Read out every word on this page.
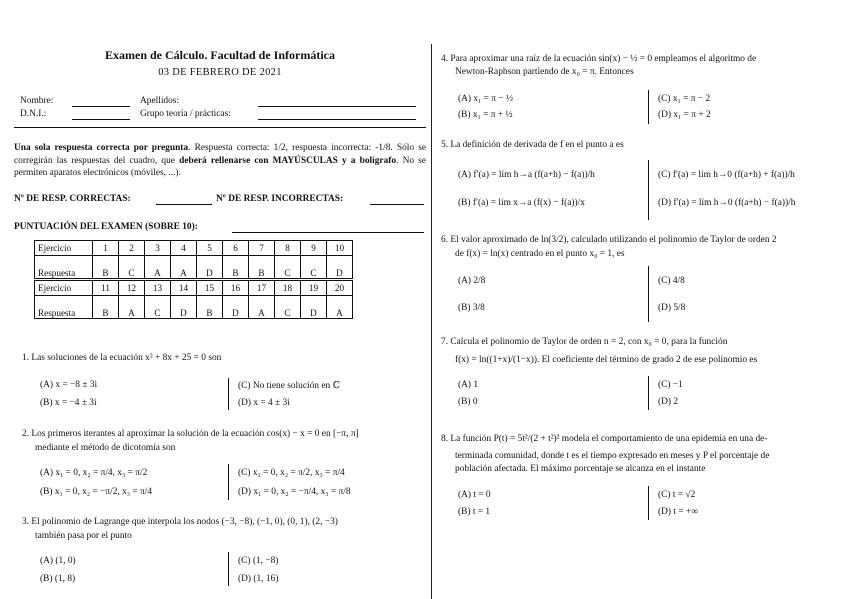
Examen de Cálculo. Facultad de Informática
03 DE FEBRERO DE 2021
Nombre:	Apellidos:
D.N.I.:	Grupo teoría / prácticas:
Una sola respuesta correcta por pregunta. Respuesta correcta: 1/2, respuesta incorrecta: -1/8. Sólo se corregirán las respuestas del cuadro, que deberá rellenarse con MAYÚSCULAS y a bolígrafo. No se permiten aparatos electrónicos (móviles, ...).
Nº DE RESP. CORRECTAS:	Nº DE RESP. INCORRECTAS:
PUNTUACIÓN DEL EXAMEN (SOBRE 10):
Ejercicio	1	2	3	4	5	6	7	8	9	10
Respuesta	B	C	A	A	D	B	B	C	C	D
Ejercicio	11	12	13	14	15	16	17	18	19	20
Respuesta	B	A	C	D	B	D	A	C	D	A
1. Las soluciones de la ecuación x² + 8x + 25 = 0 son
(A) x = −8 ± 3i
(B) x = −4 ± 3i
(C) No tiene solución en ℂ
(D) x = 4 ± 3i
2. Los primeros iterantes al aproximar la solución de la ecuación cos(x) − x = 0 en [−π, π]
mediante el método de dicotomía son
(A) x₁ = 0, x₂ = π/4, x₃ = π/2
(B) x₁ = 0, x₂ = −π/2, x₃ = π/4
(C) x₁ = 0, x₂ = π/2, x₃ = π/4
(D) x₁ = 0, x₂ = −π/4, x₃ = π/8
3. El polinomio de Lagrange que interpola los nodos (−3, −8), (−1, 0), (0, 1), (2, −3)
también pasa por el punto
(A) (1, 0)
(B) (1, 8)
(C) (1, −8)
(D) (1, 16)
4. Para aproximar una raíz de la ecuación sin(x) − ½ = 0 empleamos el algoritmo de
Newton-Raphson partiendo de x₀ = π. Entonces
(A) x₁ = π − ½
(B) x₁ = π + ½
(C) x₁ = π − 2
(D) x₁ = π + 2
5. La definición de derivada de f en el punto a es
(A) f′(a) = lím h→a (f(a+h) − f(a))/h
(B) f′(a) = lím x→a (f(x) − f(a))/x
(C) f′(a) = lím h→0 (f(a+h) + f(a))/h
(D) f′(a) = lím h→0 (f(a+h) − f(a))/h
6. El valor aproximado de ln(3/2), calculado utilizando el polinomio de Taylor de orden 2
de f(x) = ln(x) centrado en el punto x₀ = 1, es
(A) 2/8
(B) 3/8
(C) 4/8
(D) 5/8
7. Calcula el polinomio de Taylor de orden n = 2, con x₀ = 0, para la función
f(x) = ln((1+x)/(1−x)). El coeficiente del término de grado 2 de ese polinomio es
(A) 1
(B) 0
(C) −1
(D) 2
8. La función P(t) = 5t²/(2 + t²)² modela el comportamiento de una epidemia en una de-
terminada comunidad, donde t es el tiempo expresado en meses y P el porcentaje de
población afectada. El máximo porcentaje se alcanza en el instante
(A) t = 0
(B) t = 1
(C) t = √2
(D) t = +∞
